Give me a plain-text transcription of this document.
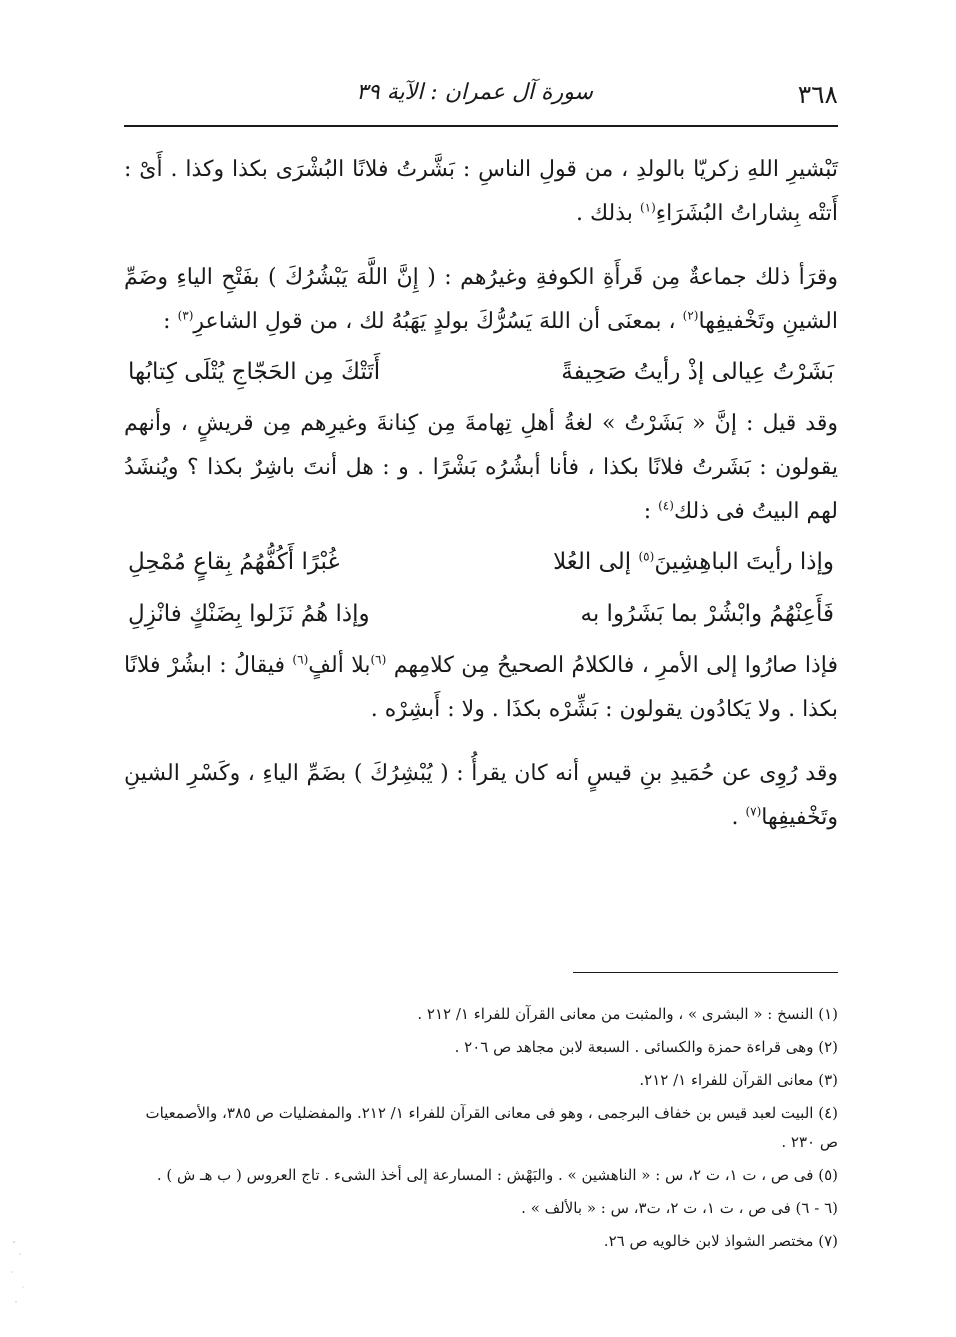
٣٦٨
سورة آل عمران : الآية ٣٩

تَبْشيرِ اللهِ زكريّا بالولدِ ، من قولِ الناسِ : بَشَّرتُ فلانًا البُشْرَى بكذا وكذا . أَىْ : أَتتْه بِشاراتُ البُشَرَاءِ$^{(١)}$ بذلك .

وقرَأ ذلك جماعةٌ مِن قَرأَةِ الكوفةِ وغيرُهم : ( إِنَّ اللَّهَ يَبْشُرُكَ ) بفَتْحِ الياءِ وضَمِّ الشينِ وتَخْفيفِها$^{(٢)}$ ، بمعنَى أن اللهَ يَسُرُّكَ بولدٍ يَهَبُهُ لك ، من قولِ الشاعرِ$^{(٣)}$ :

بَشَرْتُ عِيالى إذْ رأيتُ صَحِيفةً
أَتَتْكَ مِن الحَجّاجِ يُتْلَى كِتابُها

وقد قيل : إنَّ « بَشَرْتُ » لغةُ أهلِ تِهامةَ مِن كِنانةَ وغيرِهم مِن قريشٍ ، وأنهم يقولون : بَشَرتُ فلانًا بكذا ، فأنا أبشُرُه بَشْرًا . و : هل أنتَ باشِرٌ بكذا ؟ ويُنشَدُ لهم البيتُ فى ذلك$^{(٤)}$ :

وإذا رأيتَ الباهِشِينَ$^{(٥)}$ إلى العُلا
غُبْرًا أَكُفُّهُمُ بِقاعٍ مُمْحِلِ
فَأَعِنْهُمُ وابْشُرْ بما بَشَرُوا به
وإذا هُمُ نَزَلوا بِضَنْكٍ فانْزِلِ

فإذا صارُوا إلى الأمرِ ، فالكلامُ الصحيحُ مِن كلامِهم $^{(٦)}$بلا ألفٍ$^{(٦)}$ فيقالُ : ابشُرْ فلانًا بكذا . ولا يَكادُون يقولون : بَشِّرْه بكذَا . ولا : أَبشِرْه .

وقد رُوِى عن حُمَيدِ بنِ قيسٍ أنه كان يقرأُ : ( يُبْشِرُكَ ) بضَمِّ الياءِ ، وكَسْرِ الشينِ وتَخْفيفِها$^{(٧)}$ .

(١) النسخ : « البشرى » ، والمثبت من معانى القرآن للفراء ١/ ٢١٢ .

(٢) وهى قراءة حمزة والكسائى . السبعة لابن مجاهد ص ٢٠٦ .

(٣) معانى القرآن للفراء ١/ ٢١٢.

(٤) البيت لعبد قيس بن خفاف البرجمى ، وهو فى معانى القرآن للفراء ١/ ٢١٢. والمفضليات ص ٣٨٥، والأصمعيات ص ٢٣٠ .

(٥) فى ص ، ت ١، ت ٢، س : « الناهشين » . والبَهْش : المسارعة إلى أخذ الشىء . تاج العروس ( ب هـ ش ) .

(٦ - ٦) فى ص ، ت ١، ت ٢، ت٣، س : « بالألف » .

(٧) مختصر الشواذ لابن خالويه ص ٢٦.
